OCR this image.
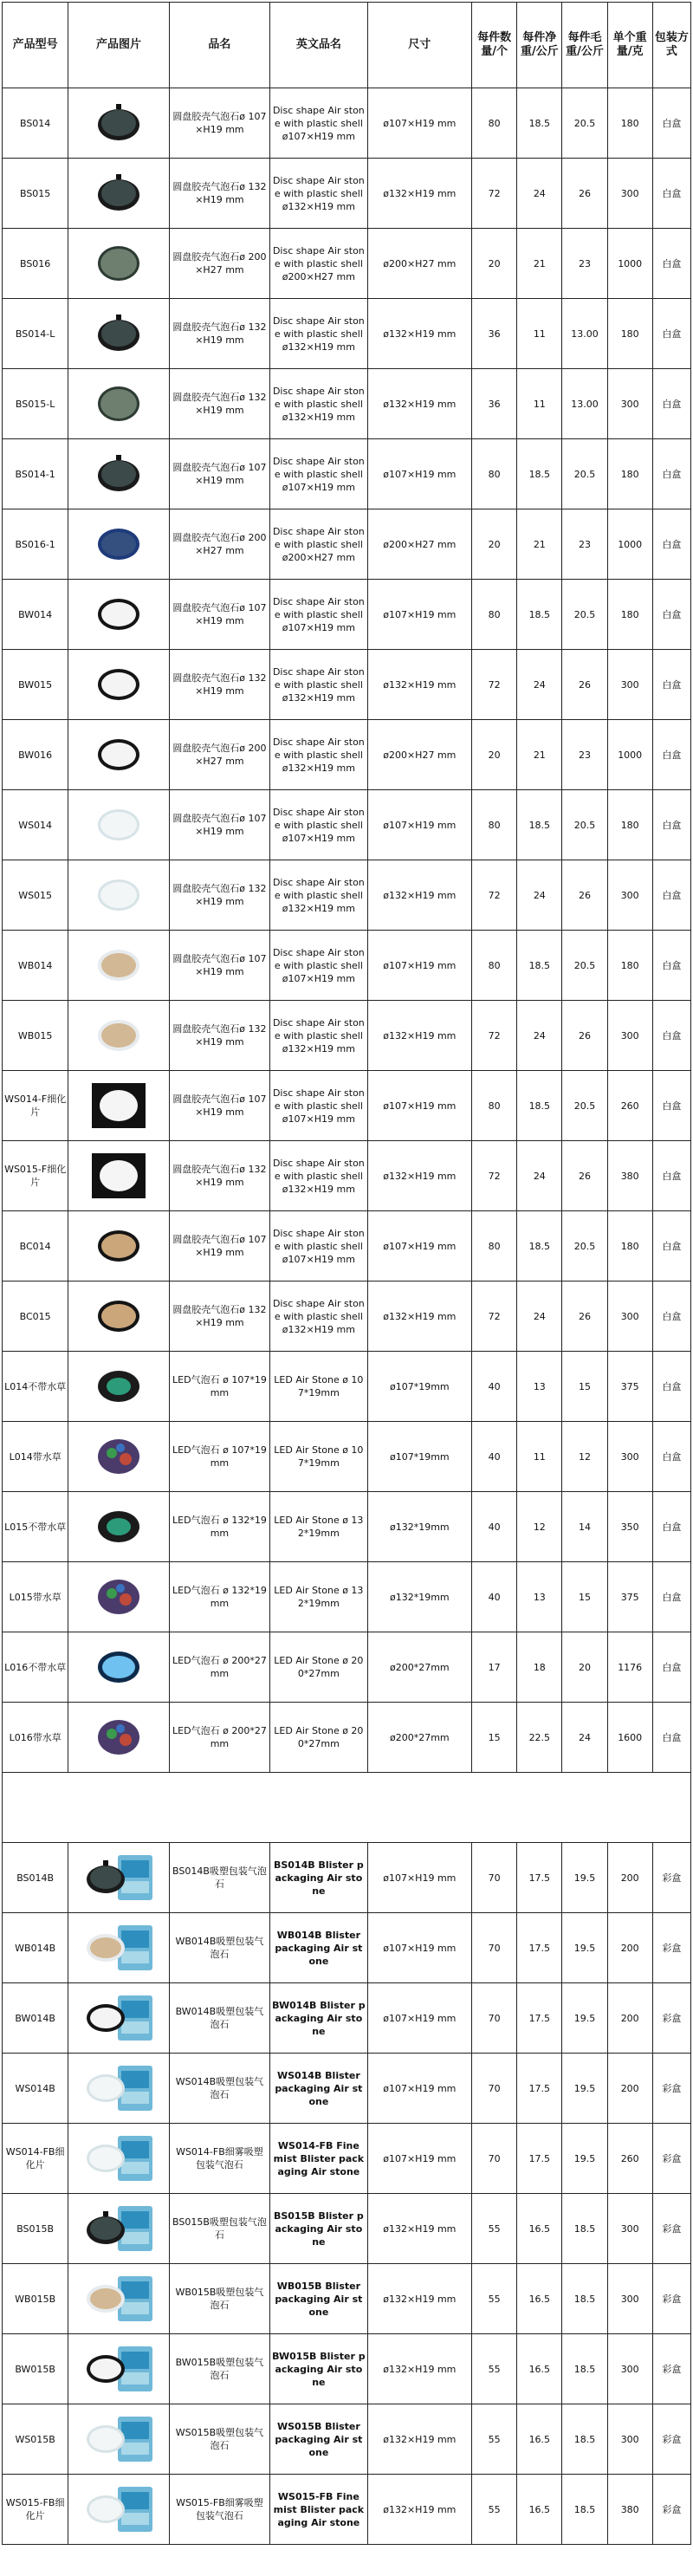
产品型号	产品图片	品名	英文品名	尺寸	每件数量/个	每件净重/公斤	每件毛重/公斤	单个重量/克	包装方式
BS014		圆盘胶壳气泡石ø 107×H19 mm	Disc shape Air stone with plastic shell ø107×H19 mm	ø107×H19 mm	80	18.5	20.5	180	白盒
BS015		圆盘胶壳气泡石ø 132×H19 mm	Disc shape Air stone with plastic shell ø132×H19 mm	ø132×H19 mm	72	24	26	300	白盒
BS016		圆盘胶壳气泡石ø 200×H27 mm	Disc shape Air stone with plastic shell ø200×H27 mm	ø200×H27 mm	20	21	23	1000	白盒
BS014-L		圆盘胶壳气泡石ø 132×H19 mm	Disc shape Air stone with plastic shell ø132×H19 mm	ø132×H19 mm	36	11	13.00	180	白盒
BS015-L		圆盘胶壳气泡石ø 132×H19 mm	Disc shape Air stone with plastic shell ø132×H19 mm	ø132×H19 mm	36	11	13.00	300	白盒
BS014-1		圆盘胶壳气泡石ø 107×H19 mm	Disc shape Air stone with plastic shell ø107×H19 mm	ø107×H19 mm	80	18.5	20.5	180	白盒
BS016-1		圆盘胶壳气泡石ø 200×H27 mm	Disc shape Air stone with plastic shell ø200×H27 mm	ø200×H27 mm	20	21	23	1000	白盒
BW014		圆盘胶壳气泡石ø 107×H19 mm	Disc shape Air stone with plastic shell ø107×H19 mm	ø107×H19 mm	80	18.5	20.5	180	白盒
BW015		圆盘胶壳气泡石ø 132×H19 mm	Disc shape Air stone with plastic shell ø132×H19 mm	ø132×H19 mm	72	24	26	300	白盒
BW016		圆盘胶壳气泡石ø 200×H27 mm	Disc shape Air stone with plastic shell ø132×H19 mm	ø200×H27 mm	20	21	23	1000	白盒
WS014		圆盘胶壳气泡石ø 107×H19 mm	Disc shape Air stone with plastic shell ø107×H19 mm	ø107×H19 mm	80	18.5	20.5	180	白盒
WS015		圆盘胶壳气泡石ø 132×H19 mm	Disc shape Air stone with plastic shell ø132×H19 mm	ø132×H19 mm	72	24	26	300	白盒
WB014		圆盘胶壳气泡石ø 107×H19 mm	Disc shape Air stone with plastic shell ø107×H19 mm	ø107×H19 mm	80	18.5	20.5	180	白盒
WB015		圆盘胶壳气泡石ø 132×H19 mm	Disc shape Air stone with plastic shell ø132×H19 mm	ø132×H19 mm	72	24	26	300	白盒
WS014-F细化片		圆盘胶壳气泡石ø 107×H19 mm	Disc shape Air stone with plastic shell ø107×H19 mm	ø107×H19 mm	80	18.5	20.5	260	白盒
WS015-F细化片		圆盘胶壳气泡石ø 132×H19 mm	Disc shape Air stone with plastic shell ø132×H19 mm	ø132×H19 mm	72	24	26	380	白盒
BC014		圆盘胶壳气泡石ø 107×H19 mm	Disc shape Air stone with plastic shell ø107×H19 mm	ø107×H19 mm	80	18.5	20.5	180	白盒
BC015		圆盘胶壳气泡石ø 132×H19 mm	Disc shape Air stone with plastic shell ø132×H19 mm	ø132×H19 mm	72	24	26	300	白盒
L014不带水草		LED气泡石 ø 107*19mm	LED Air Stone ø 107*19mm	ø107*19mm	40	13	15	375	白盒
L014带水草		LED气泡石 ø 107*19mm	LED Air Stone ø 107*19mm	ø107*19mm	40	11	12	300	白盒
L015不带水草		LED气泡石 ø 132*19mm	LED Air Stone ø 132*19mm	ø132*19mm	40	12	14	350	白盒
L015带水草		LED气泡石 ø 132*19mm	LED Air Stone ø 132*19mm	ø132*19mm	40	13	15	375	白盒
L016不带水草		LED气泡石 ø 200*27mm	LED Air Stone ø 200*27mm	ø200*27mm	17	18	20	1176	白盒
L016带水草		LED气泡石 ø 200*27mm	LED Air Stone ø 200*27mm	ø200*27mm	15	22.5	24	1600	白盒

BS014B		BS014B吸塑包装气泡石	BS014B Blister packaging Air stone	ø107×H19 mm	70	17.5	19.5	200	彩盒
WB014B		WB014B吸塑包装气泡石	WB014B Blister packaging Air stone	ø107×H19 mm	70	17.5	19.5	200	彩盒
BW014B		BW014B吸塑包装气泡石	BW014B Blister packaging Air stone	ø107×H19 mm	70	17.5	19.5	200	彩盒
WS014B		WS014B吸塑包装气泡石	WS014B Blister packaging Air stone	ø107×H19 mm	70	17.5	19.5	200	彩盒
WS014-FB细化片		WS014-FB细雾吸塑包装气泡石	WS014-FB Fine mist Blister packaging Air stone	ø107×H19 mm	70	17.5	19.5	260	彩盒
BS015B		BS015B吸塑包装气泡石	BS015B Blister packaging Air stone	ø132×H19 mm	55	16.5	18.5	300	彩盒
WB015B		WB015B吸塑包装气泡石	WB015B Blister packaging Air stone	ø132×H19 mm	55	16.5	18.5	300	彩盒
BW015B		BW015B吸塑包装气泡石	BW015B Blister packaging Air stone	ø132×H19 mm	55	16.5	18.5	300	彩盒
WS015B		WS015B吸塑包装气泡石	WS015B Blister packaging Air stone	ø132×H19 mm	55	16.5	18.5	300	彩盒
WS015-FB细化片		WS015-FB细雾吸塑包装气泡石	WS015-FB Fine mist Blister packaging Air stone	ø132×H19 mm	55	16.5	18.5	380	彩盒
